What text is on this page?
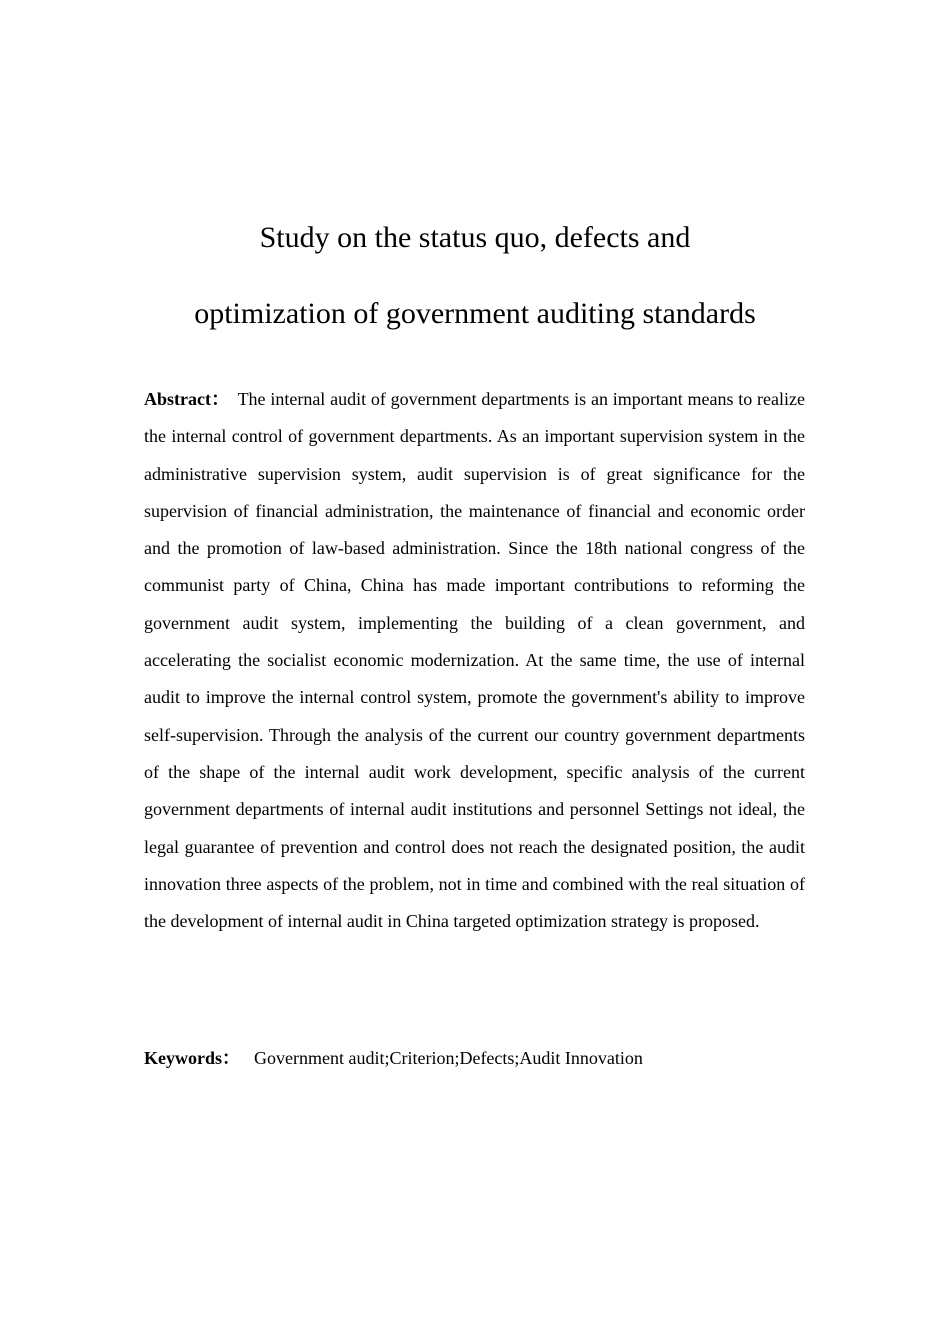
Study on the status quo, defects and
optimization of government auditing standards

Abstract： The internal audit of government departments is an important means to realize the internal control of government departments. As an important supervision system in the administrative supervision system, audit supervision is of great significance for the supervision of financial administration, the maintenance of financial and economic order and the promotion of law-based administration. Since the 18th national congress of the communist party of China, China has made important contributions to reforming the government audit system, implementing the building of a clean government, and accelerating the socialist economic modernization. At the same time, the use of internal audit to improve the internal control system, promote the government's ability to improve self-supervision. Through the analysis of the current our country government departments of the shape of the internal audit work development, specific analysis of the current government departments of internal audit institutions and personnel Settings not ideal, the legal guarantee of prevention and control does not reach the designated position, the audit innovation three aspects of the problem, not in time and combined with the real situation of the development of internal audit in China targeted optimization strategy is proposed.

Keywords： Government audit;Criterion;Defects;Audit Innovation
